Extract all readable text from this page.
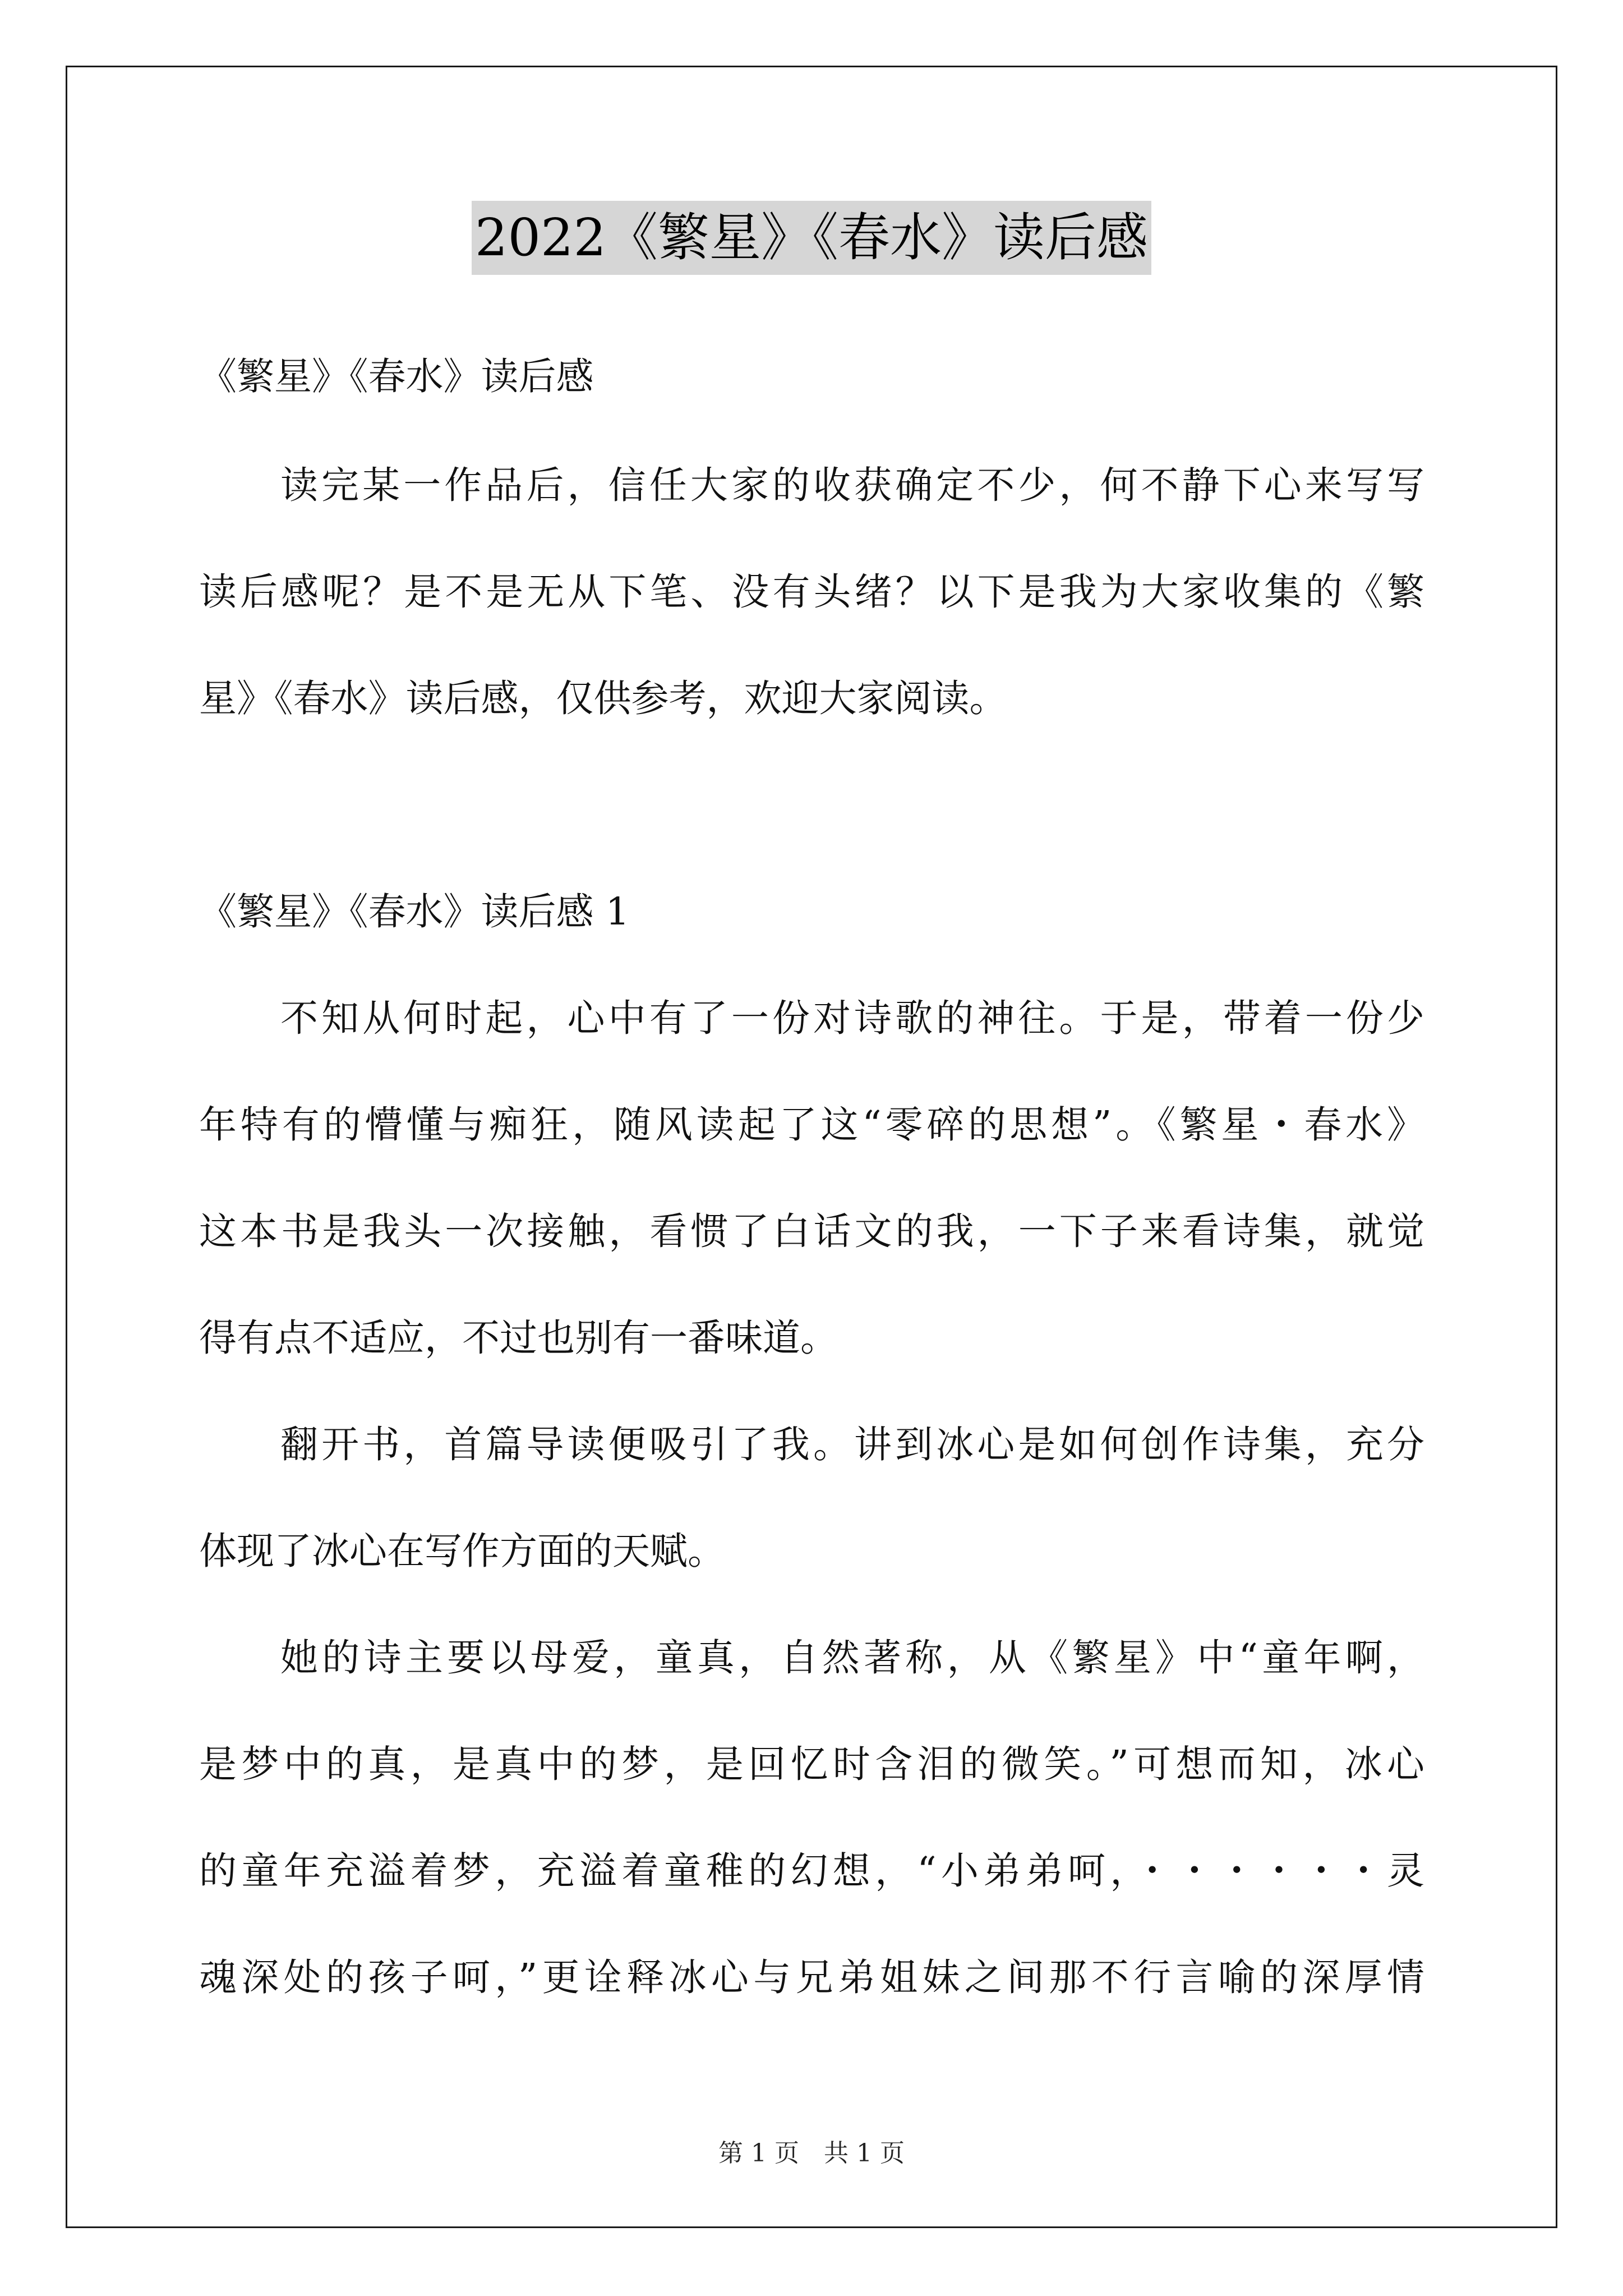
2022《繁星》《春水》读后感
《繁星》《春水》读后感
读完某一作品后，信任大家的收获确定不少，何不静下心来写写
读后感呢？是不是无从下笔、没有头绪？以下是我为大家收集的《繁
星》《春水》读后感，仅供参考，欢迎大家阅读。
《繁星》《春水》读后感 1
不知从何时起，心中有了一份对诗歌的神往。于是，带着一份少
年特有的懵懂与痴狂，随风读起了这“零碎的思想”。《繁星・春水》
这本书是我头一次接触，看惯了白话文的我，一下子来看诗集，就觉
得有点不适应，不过也别有一番味道。
翻开书，首篇导读便吸引了我。讲到冰心是如何创作诗集，充分
体现了冰心在写作方面的天赋。
她的诗主要以母爱，童真，自然著称，从《繁星》中“童年啊，
是梦中的真，是真中的梦，是回忆时含泪的微笑。”可想而知，冰心
的童年充溢着梦，充溢着童稚的幻想，“小弟弟呵，・・・・・・灵
魂深处的孩子呵，”更诠释冰心与兄弟姐妹之间那不行言喻的深厚情
第 1 页　共 1 页
